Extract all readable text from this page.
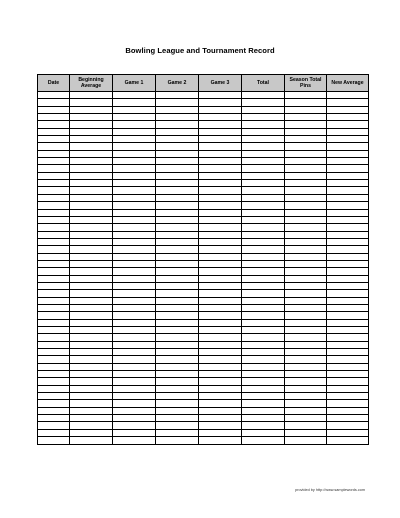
Bowling League and Tournament Record
Date	Beginning Average	Game 1	Game 2	Game 3	Total	Season Total Pins	New Average

provided by http://www.samplewords.com
